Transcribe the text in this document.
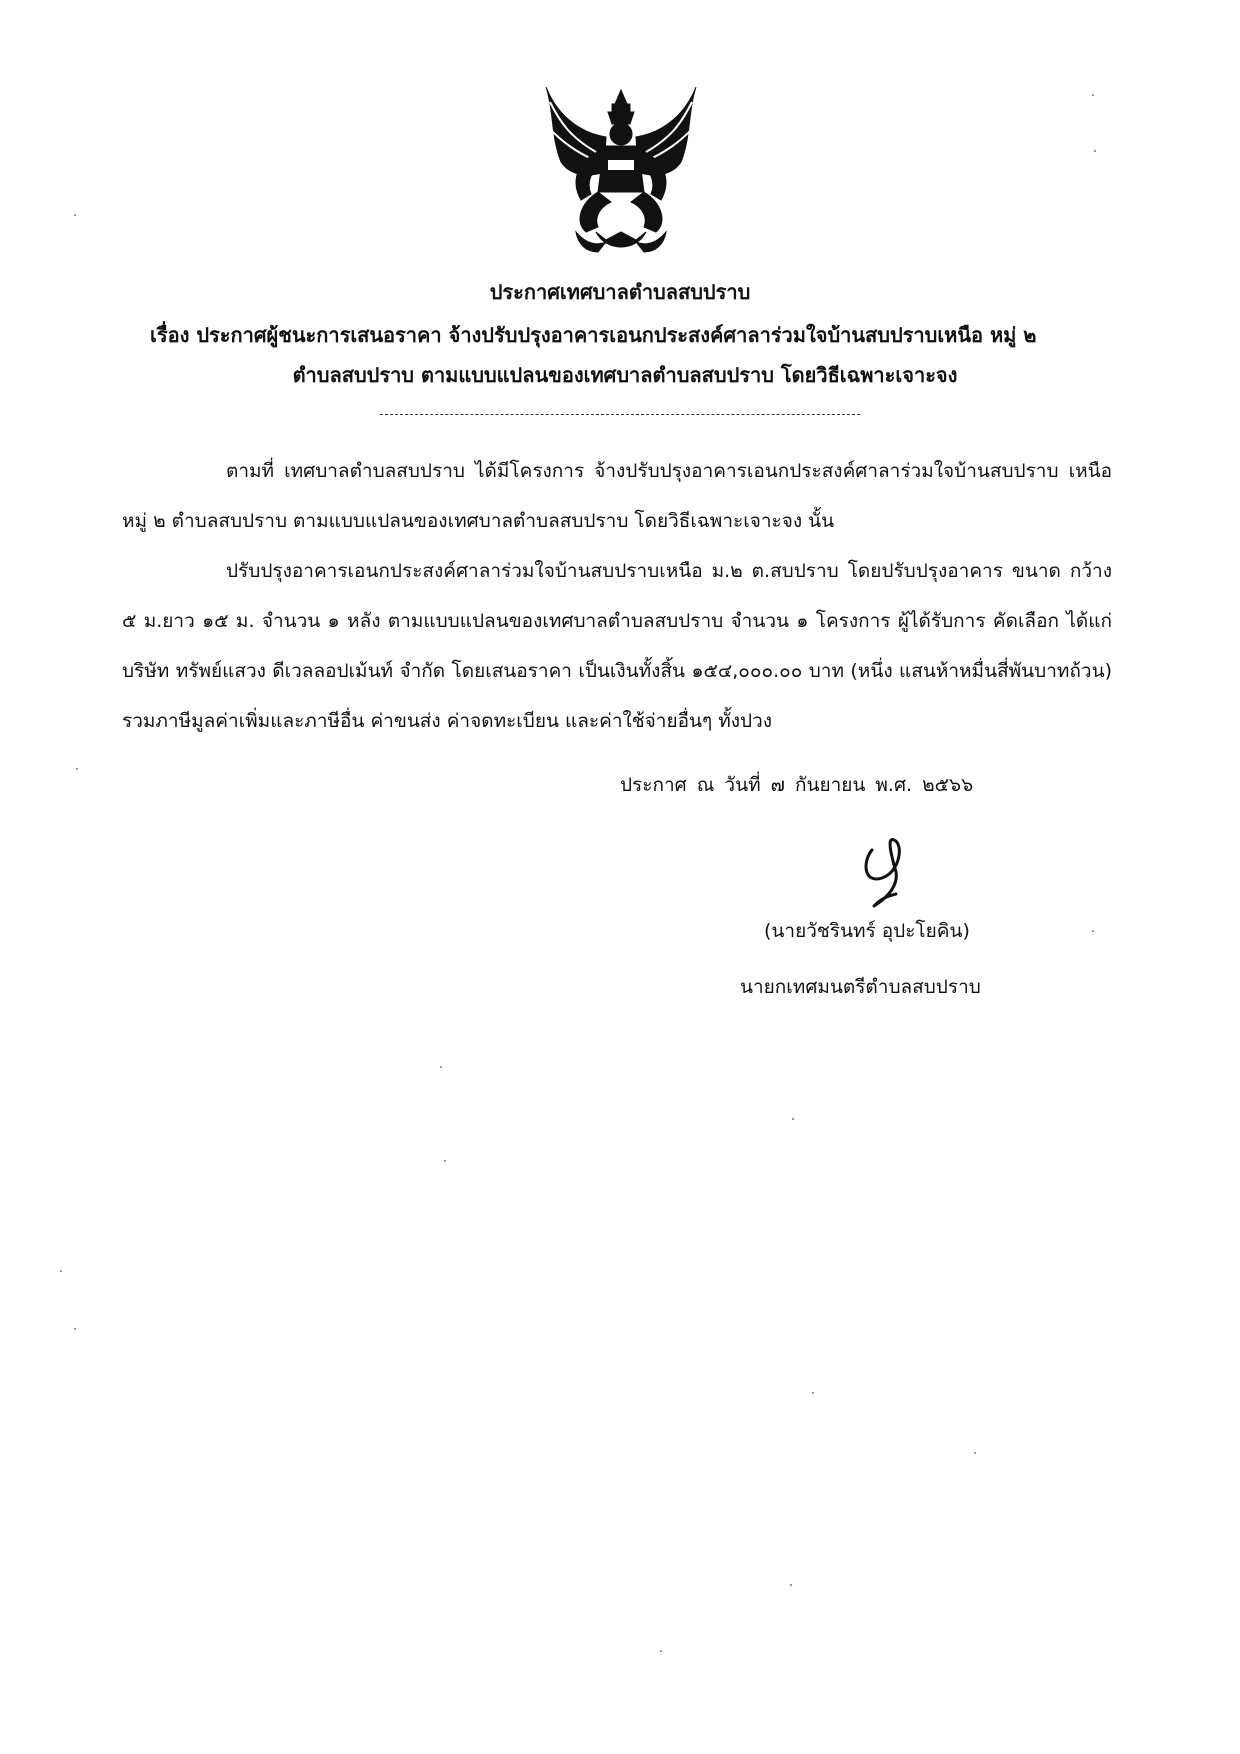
ประกาศเทศบาลตำบลสบปราบ
เรื่อง ประกาศผู้ชนะการเสนอราคา จ้างปรับปรุงอาคารเอนกประสงค์ศาลาร่วมใจบ้านสบปราบเหนือ หมู่ ๒
ตำบลสบปราบ ตามแบบแปลนของเทศบาลตำบลสบปราบ โดยวิธีเฉพาะเจาะจง
ตามที่ เทศบาลตำบลสบปราบ ได้มีโครงการ จ้างปรับปรุงอาคารเอนกประสงค์ศาลาร่วมใจบ้านสบปราบ เหนือ หมู่ ๒ ตำบลสบปราบ ตามแบบแปลนของเทศบาลตำบลสบปราบ โดยวิธีเฉพาะเจาะจง นั้น
ปรับปรุงอาคารเอนกประสงค์ศาลาร่วมใจบ้านสบปราบเหนือ ม.๒ ต.สบปราบ โดยปรับปรุงอาคาร ขนาด กว้าง ๕ ม.ยาว ๑๕ ม. จำนวน ๑ หลัง ตามแบบแปลนของเทศบาลตำบลสบปราบ จำนวน ๑ โครงการ ผู้ได้รับการ คัดเลือก ได้แก่ บริษัท ทรัพย์แสวง ดีเวลลอปเม้นท์ จำกัด โดยเสนอราคา เป็นเงินทั้งสิ้น ๑๕๔,๐๐๐.๐๐ บาท (หนึ่ง แสนห้าหมื่นสี่พันบาทถ้วน) รวมภาษีมูลค่าเพิ่มและภาษีอื่น ค่าขนส่ง ค่าจดทะเบียน และค่าใช้จ่ายอื่นๆ ทั้งปวง
ประกาศ ณ วันที่ ๗ กันยายน พ.ศ. ๒๕๖๖
(นายวัชรินทร์ อุปะโยคิน)
นายกเทศมนตรีตำบลสบปราบ
